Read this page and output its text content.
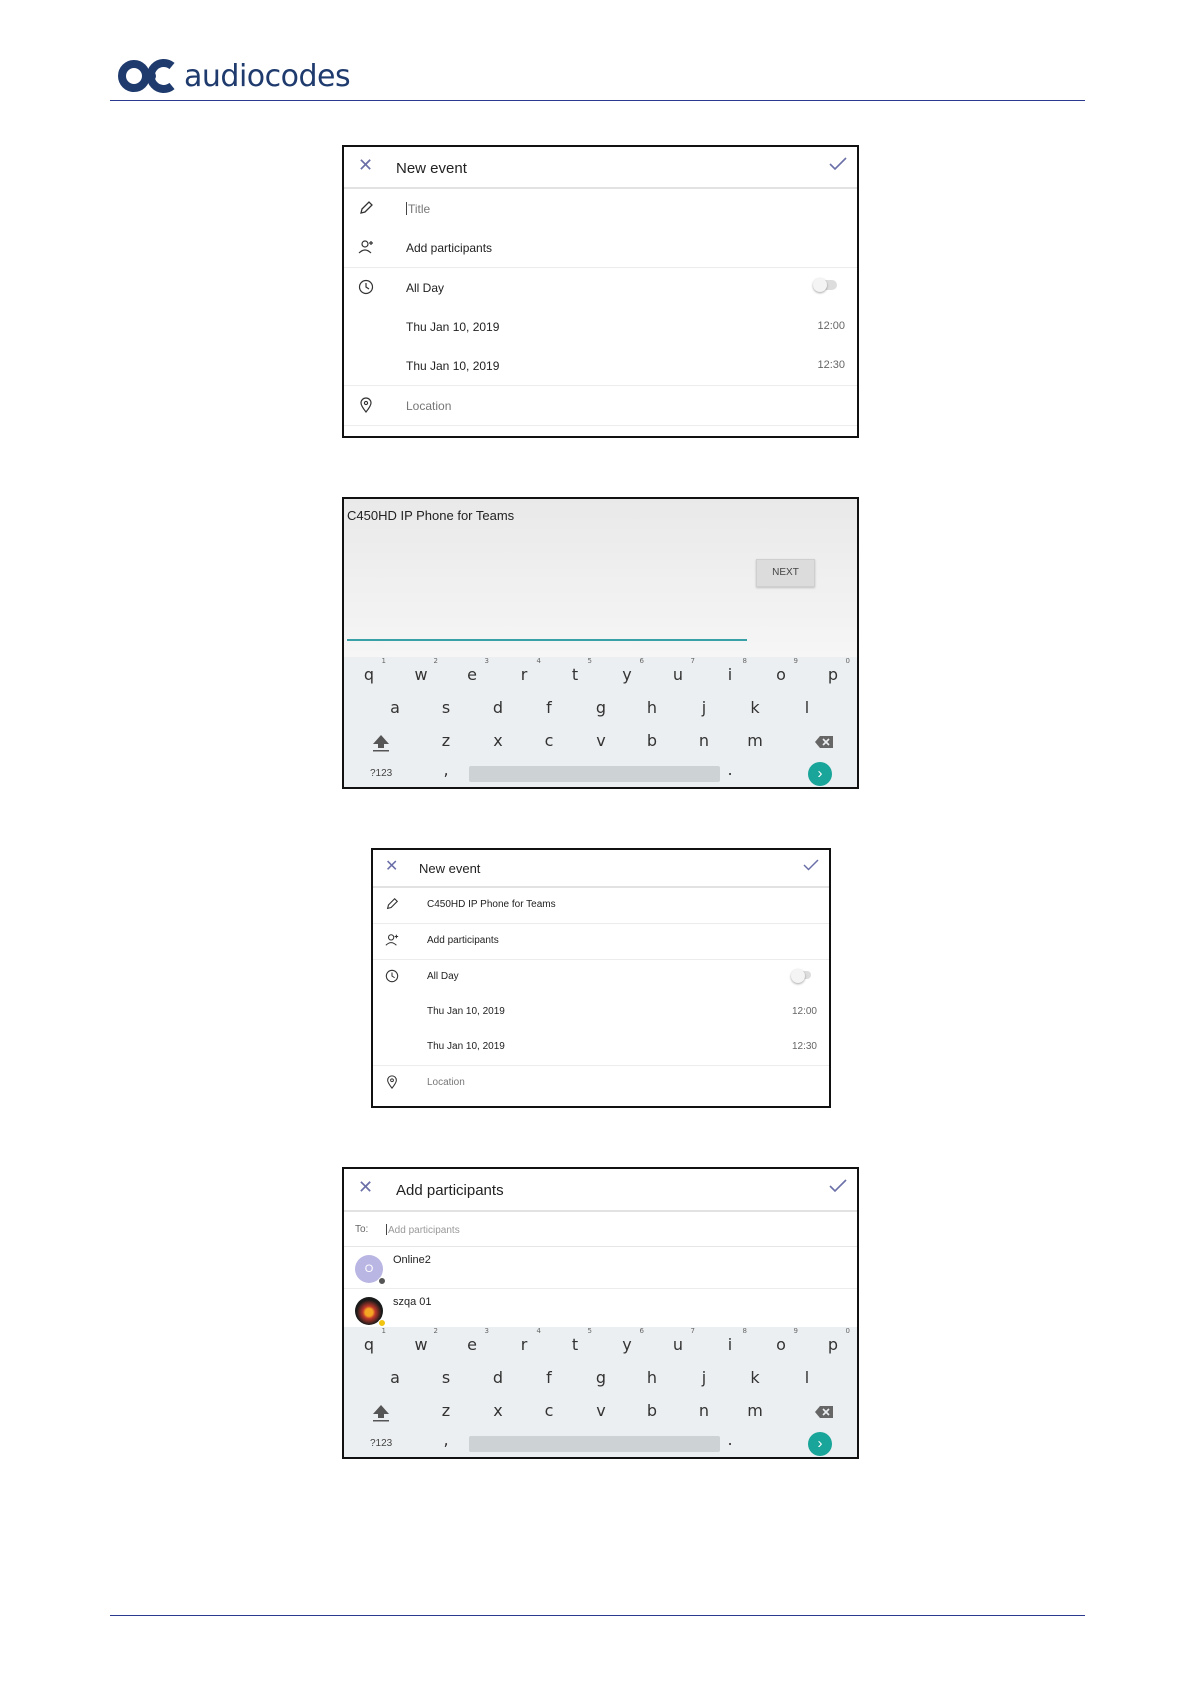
audiocodes
✕ New event
Title
Add participants
All Day
Thu Jan 10, 2019	12:00
Thu Jan 10, 2019	12:30
Location
C450HD IP Phone for Teams
NEXT
q
1
w
2
e
3
r
4
t
5
y
6
u
7
i
8
o
9
p
0
a	s	d	f	g	h	j	k	l
z	x	c	v	b	n	m
?123	,	.	›
✕ New event
C450HD IP Phone for Teams
Add participants
All Day
Thu Jan 10, 2019	12:00
Thu Jan 10, 2019	12:30
Location
✕ Add participants
To: Add participants
O
Online2
szqa 01
q
1
w
2
e
3
r
4
t
5
y
6
u
7
i
8
o
9
p
0
a	s	d	f	g	h	j	k	l
z	x	c	v	b	n	m
?123	,	.	›
